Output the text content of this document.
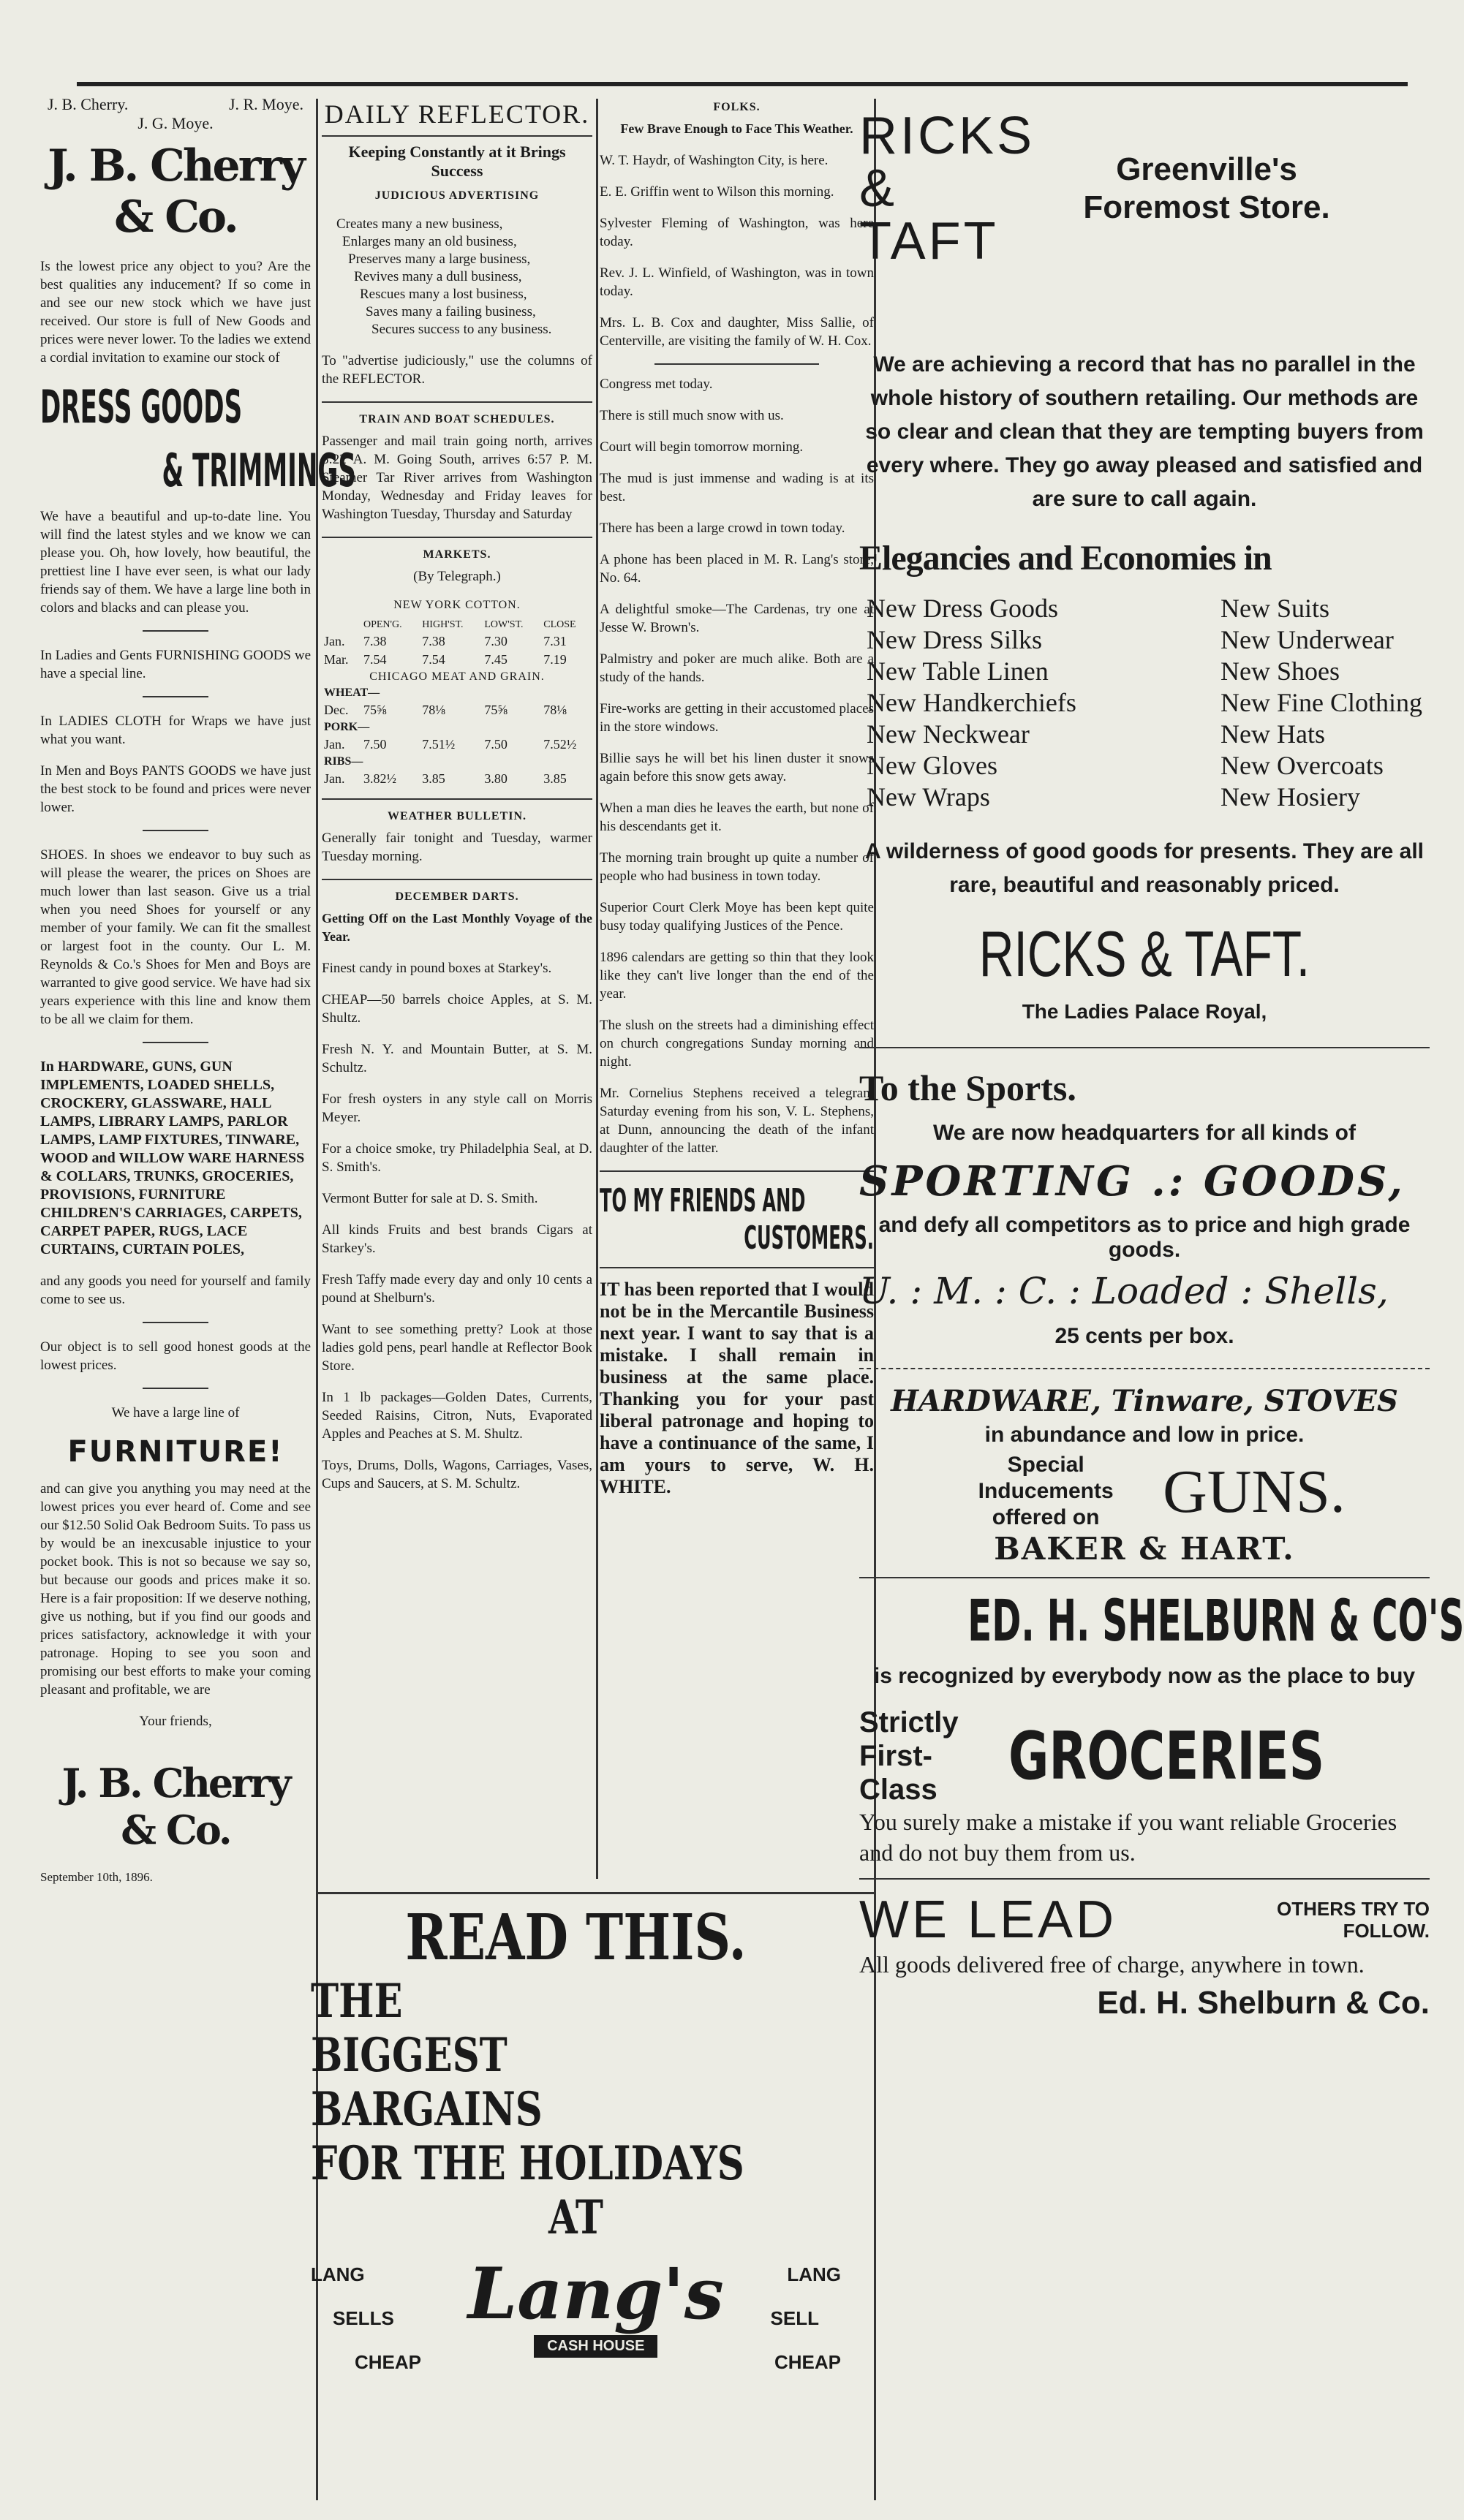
J. B. Cherry.	J. R. Moye.
J. G. Moye.
J. B. Cherry & Co.

Is the lowest price any object to you? Are the best qualities any inducement? If so come in and see our new stock which we have just received. Our store is full of New Goods and prices were never lower. To the ladies we extend a cordial invitation to examine our stock of

DRESS GOODS
& TRIMMINGS

We have a beautiful and up-to-date line. You will find the latest styles and we know we can please you. Oh, how lovely, how beautiful, the prettiest line I have ever seen, is what our lady friends say of them. We have a large line both in colors and blacks and can please you.

In Ladies and Gents FURNISHING GOODS we have a special line.

In LADIES CLOTH for Wraps we have just what you want.

In Men and Boys PANTS GOODS we have just the best stock to be found and prices were never lower.

SHOES. In shoes we endeavor to buy such as will please the wearer, the prices on Shoes are much lower than last season. Give us a trial when you need Shoes for yourself or any member of your family. We can fit the smallest or largest foot in the county. Our L. M. Reynolds & Co.'s Shoes for Men and Boys are warranted to give good service. We have had six years experience with this line and know them to be all we claim for them.

In HARDWARE, GUNS, GUN IMPLEMENTS, LOADED SHELLS, CROCKERY, GLASSWARE, HALL LAMPS, LIBRARY LAMPS, PARLOR LAMPS, LAMP FIXTURES, TINWARE, WOOD and WILLOW WARE HARNESS & COLLARS, TRUNKS, GROCERIES, PROVISIONS, FURNITURE CHILDREN'S CARRIAGES, CARPETS, CARPET PAPER, RUGS, LACE CURTAINS, CURTAIN POLES,

and any goods you need for yourself and family come to see us.

Our object is to sell good honest goods at the lowest prices.

We have a large line of

FURNITURE!

and can give you anything you may need at the lowest prices you ever heard of. Come and see our $12.50 Solid Oak Bedroom Suits. To pass us by would be an inexcusable injustice to your pocket book. This is not so because we say so, but because our goods and prices make it so. Here is a fair proposition: If we deserve nothing, give us nothing, but if you find our goods and prices satisfactory, acknowledge it with your patronage. Hoping to see you soon and promising our best efforts to make your coming pleasant and profitable, we are

Your friends,

J. B. Cherry & Co.

September 10th, 1896.

DAILY REFLECTOR.
Keeping Constantly at it Brings Success
JUDICIOUS ADVERTISING
Creates many a new business,
Enlarges many an old business,
Preserves many a large business,
Revives many a dull business,
Rescues many a lost business,
Saves many a failing business,
Secures success to any business.

To "advertise judiciously," use the columns of the REFLECTOR.

TRAIN AND BOAT SCHEDULES.

Passenger and mail train going north, arrives 8:22 A. M. Going South, arrives 6:57 P. M. Steamer Tar River arrives from Washington Monday, Wednesday and Friday leaves for Washington Tuesday, Thursday and Saturday

MARKETS.

(By Telegraph.)

NEW YORK COTTON.
	OPEN'G.	HIGH'ST.	LOW'ST.	CLOSE
Jan.	7.38	7.38	7.30	7.31
Mar.	7.54	7.54	7.45	7.19
CHICAGO MEAT AND GRAIN.				
WHEAT—				
Dec.	75⅝	78⅛	75⅝	78⅛
PORK—				
Jan.	7.50	7.51½	7.50	7.52½
RIBS—				
Jan.	3.82½	3.85	3.80	3.85
WEATHER BULLETIN.

Generally fair tonight and Tuesday, warmer Tuesday morning.

DECEMBER DARTS.

Getting Off on the Last Monthly Voyage of the Year.

Finest candy in pound boxes at Starkey's.

CHEAP—50 barrels choice Apples, at S. M. Shultz.

Fresh N. Y. and Mountain Butter, at S. M. Schultz.

For fresh oysters in any style call on Morris Meyer.

For a choice smoke, try Philadelphia Seal, at D. S. Smith's.

Vermont Butter for sale at D. S. Smith.

All kinds Fruits and best brands Cigars at Starkey's.

Fresh Taffy made every day and only 10 cents a pound at Shelburn's.

Want to see something pretty? Look at those ladies gold pens, pearl handle at Reflector Book Store.

In 1 lb packages—Golden Dates, Currents, Seeded Raisins, Citron, Nuts, Evaporated Apples and Peaches at S. M. Shultz.

Toys, Drums, Dolls, Wagons, Carriages, Vases, Cups and Saucers, at S. M. Schultz.

FOLKS.

Few Brave Enough to Face This Weather.

W. T. Haydr, of Washington City, is here.

E. E. Griffin went to Wilson this morning.

Sylvester Fleming of Washington, was here today.

Rev. J. L. Winfield, of Washington, was in town today.

Mrs. L. B. Cox and daughter, Miss Sallie, of Centerville, are visiting the family of W. H. Cox.

Congress met today.

There is still much snow with us.

Court will begin tomorrow morning.

The mud is just immense and wading is at its best.

There has been a large crowd in town today.

A phone has been placed in M. R. Lang's store, No. 64.

A delightful smoke—The Cardenas, try one at Jesse W. Brown's.

Palmistry and poker are much alike. Both are a study of the hands.

Fire-works are getting in their accustomed places in the store windows.

Billie says he will bet his linen duster it snows again before this snow gets away.

When a man dies he leaves the earth, but none of his descendants get it.

The morning train brought up quite a number of people who had business in town today.

Superior Court Clerk Moye has been kept quite busy today qualifying Justices of the Pence.

1896 calendars are getting so thin that they look like they can't live longer than the end of the year.

The slush on the streets had a diminishing effect on church congregations Sunday morning and night.

Mr. Cornelius Stephens received a telegram Saturday evening from his son, V. L. Stephens, at Dunn, announcing the death of the infant daughter of the latter.

TO MY FRIENDS AND
CUSTOMERS.
IT has been reported that I would not be in the Mercantile Business next year. I want to say that is a mistake. I shall remain in business at the same place. Thanking you for your past liberal patronage and hoping to have a continuance of the same, I am yours to serve, W. H. WHITE.
RICKS
&
TAFT
Greenville's Foremost Store.
We are achieving a record that has no parallel in the whole history of southern retailing. Our methods are so clear and clean that they are tempting buyers from every where. They go away pleased and satisfied and are sure to call again.
Elegancies and Economies in
New Dress Goods
New Dress Silks
New Table Linen
New Handkerchiefs
New Neckwear
New Gloves
New Wraps
New Suits
New Underwear
New Shoes
New Fine Clothing
New Hats
New Overcoats
New Hosiery
A wilderness of good goods for presents. They are all rare, beautiful and reasonably priced.
RICKS & TAFT.
The Ladies Palace Royal,
To the Sports.
We are now headquarters for all kinds of
SPORTING .: GOODS,
and defy all competitors as to price and high grade goods.
U. : M. : C. : Loaded : Shells,
25 cents per box.
HARDWARE, Tinware, STOVES
in abundance and low in price.
Special Inducements offered on	GUNS.
BAKER & HART.
ED. H. SHELBURN & CO'S
is recognized by everybody now as the place to buy
Strictly First-Class	GROCERIES
You surely make a mistake if you want reliable Groceries and do not buy them from us.
WE LEAD	OTHERS TRY TO FOLLOW.
All goods delivered free of charge, anywhere in town.
Ed. H. Shelburn & Co.
READ THIS.
THE
BIGGEST
BARGAINS
FOR THE HOLIDAYS
AT
LANG
SELLS
CHEAP
Lang's
CASH HOUSE
LANG
SELL
CHEAP
